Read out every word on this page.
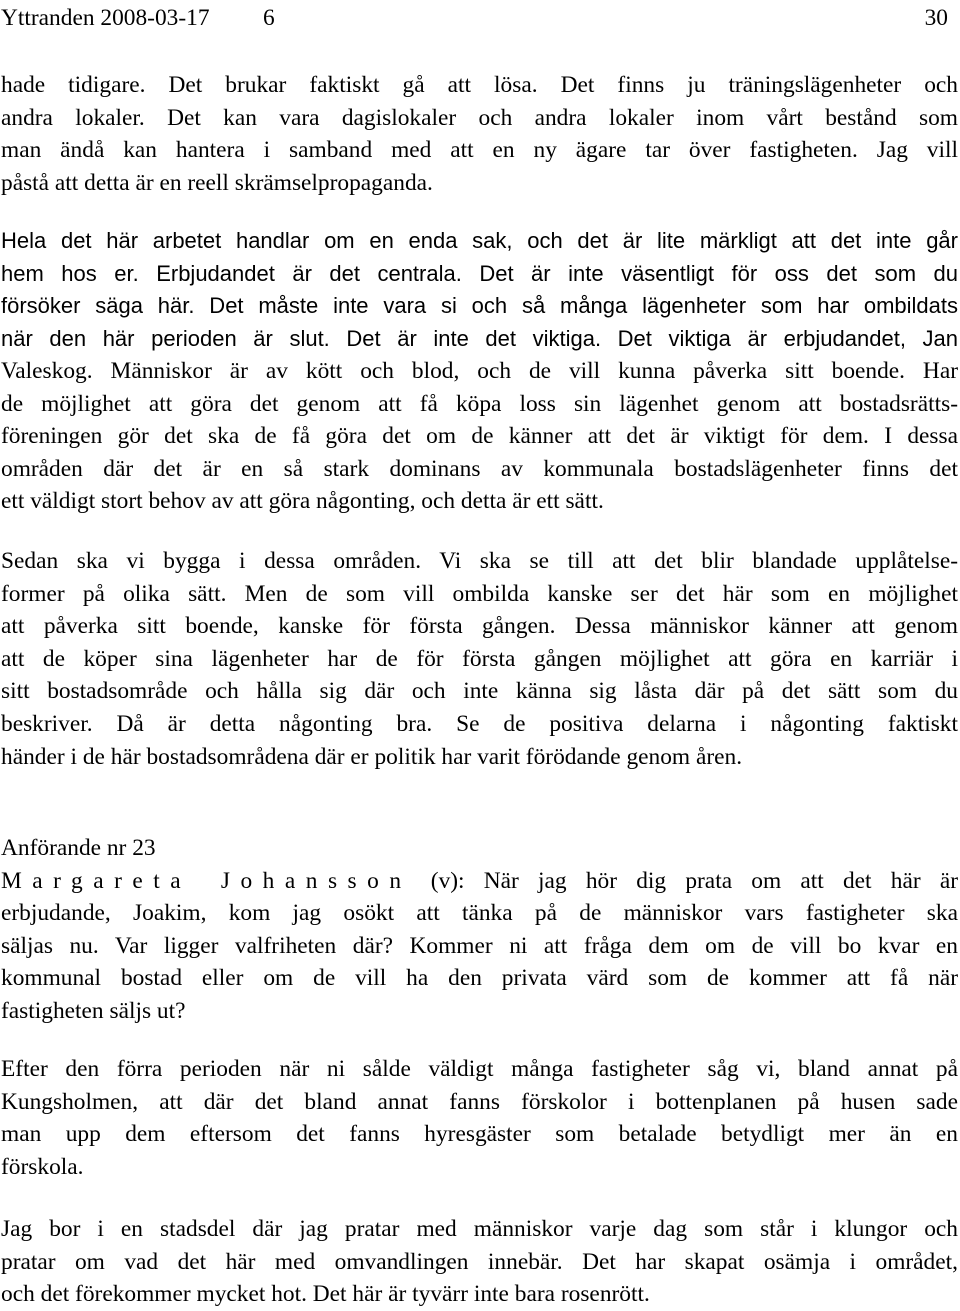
Yttranden 2008-03-17 6	30

hade tidigare. Det brukar faktiskt gå att lösa. Det finns ju träningslägenheter och
andra lokaler. Det kan vara dagislokaler och andra lokaler inom vårt bestånd som
man ändå kan hantera i samband med att en ny ägare tar över fastigheten. Jag vill
påstå att detta är en reell skrämselpropaganda.

Hela det här arbetet handlar om en enda sak, och det är lite märkligt att det inte går
hem hos er. Erbjudandet är det centrala. Det är inte väsentligt för oss det som du
försöker säga här. Det måste inte vara si och så många lägenheter som har ombildats
när den här perioden är slut. Det är inte det viktiga. Det viktiga är erbjudandet, Jan

Valeskog. Människor är av kött och blod, och de vill kunna påverka sitt boende. Har
de möjlighet att göra det genom att få köpa loss sin lägenhet genom att bostadsrätts-
föreningen gör det ska de få göra det om de känner att det är viktigt för dem. I dessa
områden där det är en så stark dominans av kommunala bostadslägenheter finns det
ett väldigt stort behov av att göra någonting, och detta är ett sätt.

Sedan ska vi bygga i dessa områden. Vi ska se till att det blir blandade upplåtelse-
former på olika sätt. Men de som vill ombilda kanske ser det här som en möjlighet
att påverka sitt boende, kanske för första gången. Dessa människor känner att genom
att de köper sina lägenheter har de för första gången möjlighet att göra en karriär i
sitt bostadsområde och hålla sig där och inte känna sig låsta där på det sätt som du
beskriver. Då är detta någonting bra. Se de positiva delarna i någonting faktiskt
händer i de här bostadsområdena där er politik har varit förödande genom åren.

Anförande nr 23
Margareta Johansson (v): När jag hör dig prata om att det här är
erbjudande, Joakim, kom jag osökt att tänka på de människor vars fastigheter ska
säljas nu. Var ligger valfriheten där? Kommer ni att fråga dem om de vill bo kvar en
kommunal bostad eller om de vill ha den privata värd som de kommer att få när
fastigheten säljs ut?

Efter den förra perioden när ni sålde väldigt många fastigheter såg vi, bland annat på
Kungsholmen, att där det bland annat fanns förskolor i bottenplanen på husen sade
man upp dem eftersom det fanns hyresgäster som betalade betydligt mer än en
förskola.

Jag bor i en stadsdel där jag pratar med människor varje dag som står i klungor och
pratar om vad det här med omvandlingen innebär. Det har skapat osämja i området,
och det förekommer mycket hot. Det här är tyvärr inte bara rosenrött.
